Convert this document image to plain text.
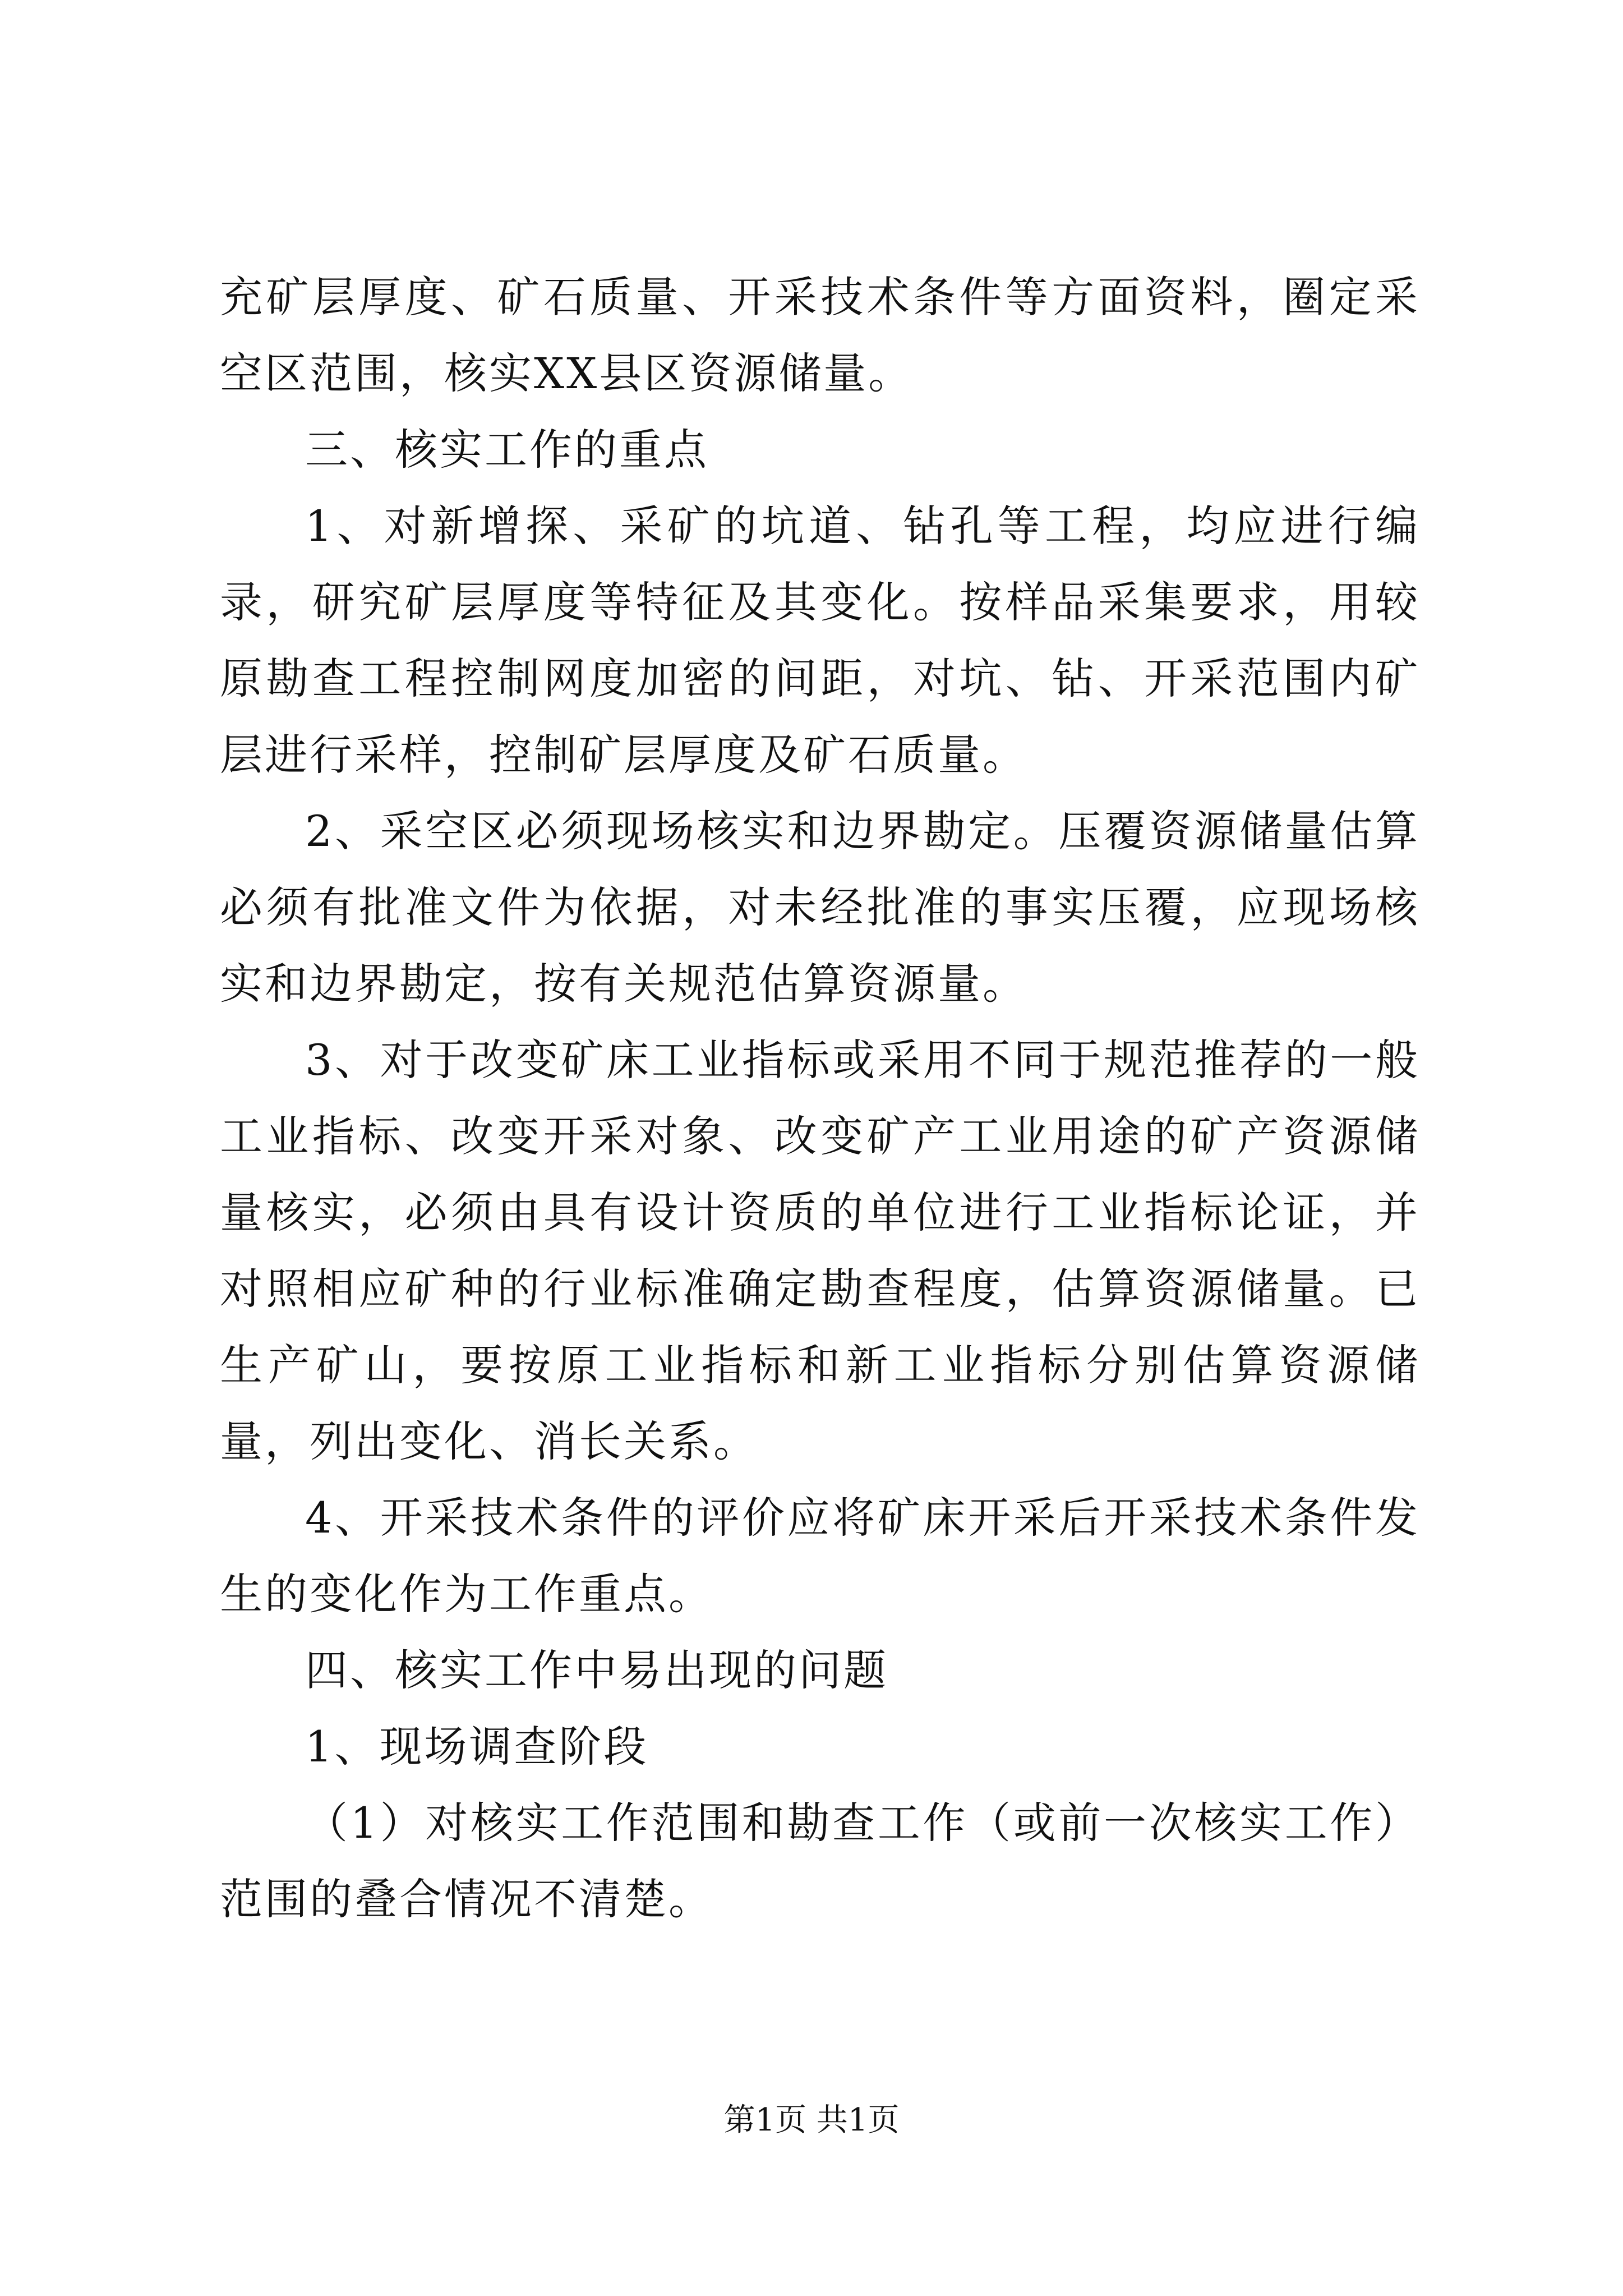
充矿层厚度、矿石质量、开采技术条件等方面资料，圈定采空区范围，核实XX县区资源储量。

三、核实工作的重点

1、对新增探、采矿的坑道、钻孔等工程，均应进行编录，研究矿层厚度等特征及其变化。按样品采集要求，用较原勘查工程控制网度加密的间距，对坑、钻、开采范围内矿层进行采样，控制矿层厚度及矿石质量。

2、采空区必须现场核实和边界勘定。压覆资源储量估算必须有批准文件为依据，对未经批准的事实压覆，应现场核实和边界勘定，按有关规范估算资源量。

3、对于改变矿床工业指标或采用不同于规范推荐的一般工业指标、改变开采对象、改变矿产工业用途的矿产资源储量核实，必须由具有设计资质的单位进行工业指标论证，并对照相应矿种的行业标准确定勘查程度，估算资源储量。已生产矿山，要按原工业指标和新工业指标分别估算资源储量，列出变化、消长关系。

4、开采技术条件的评价应将矿床开采后开采技术条件发生的变化作为工作重点。

四、核实工作中易出现的问题

1、现场调查阶段

（1）对核实工作范围和勘查工作（或前一次核实工作）范围的叠合情况不清楚。

第1页 共1页
